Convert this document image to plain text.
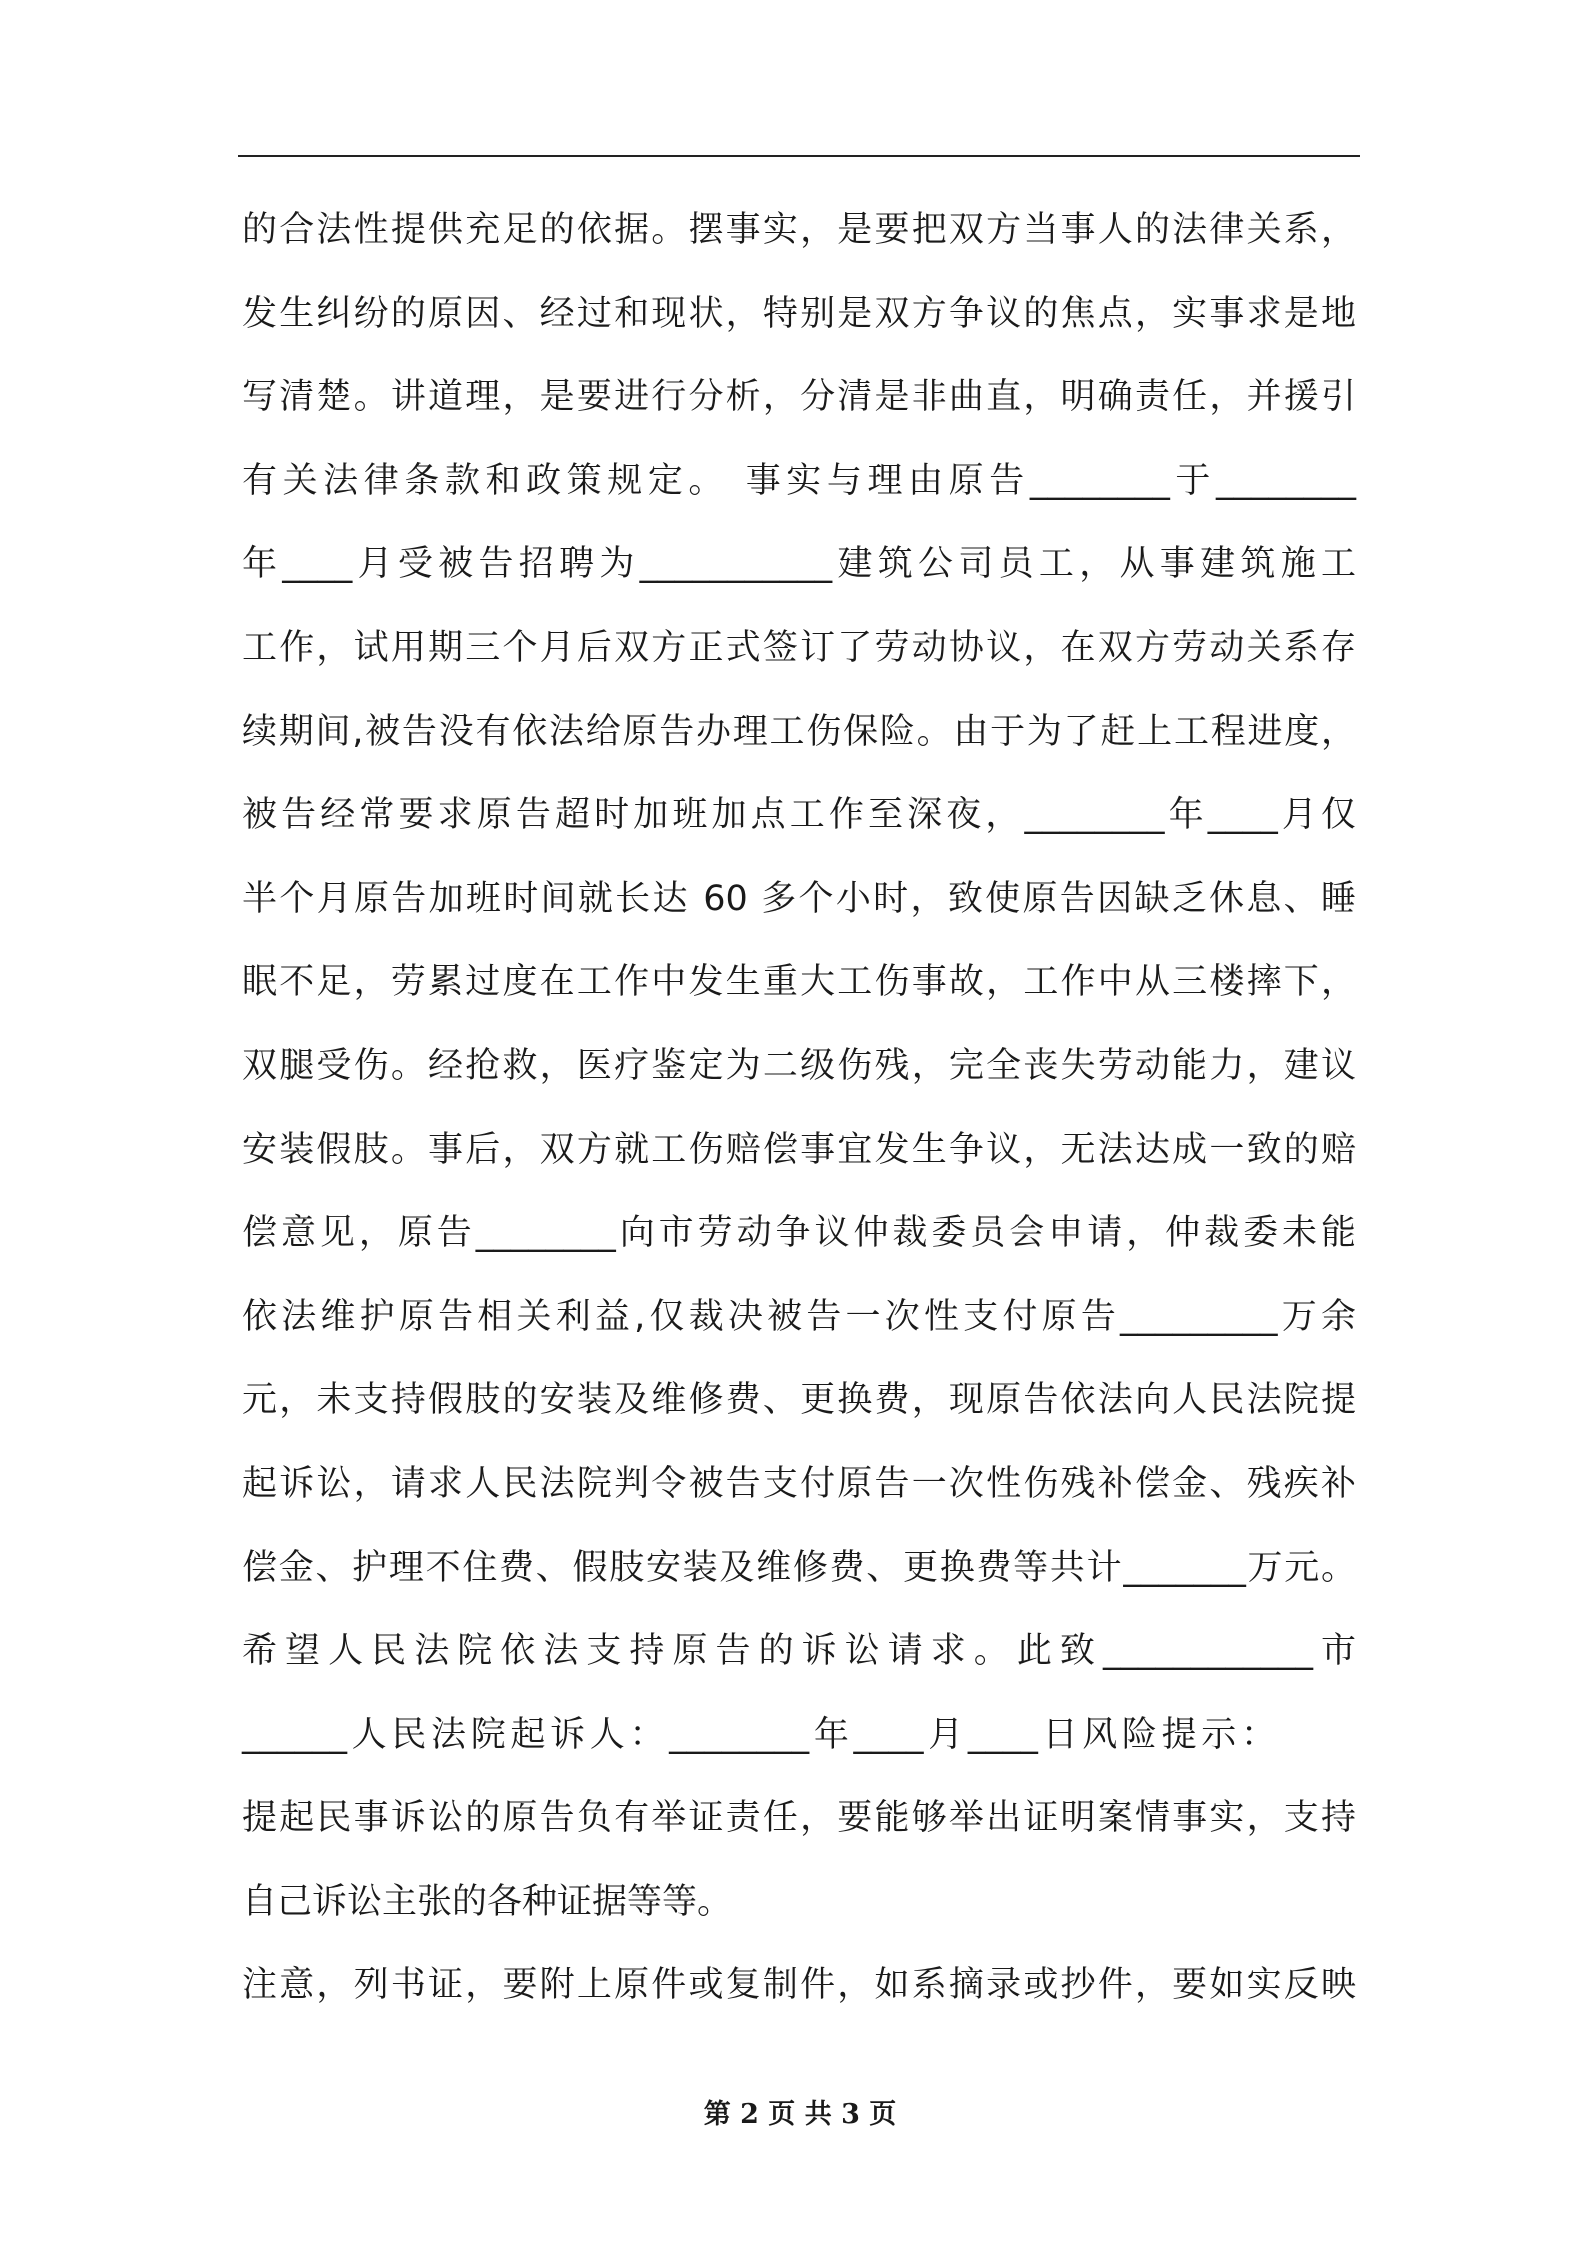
的合法性提供充足的依据。摆事实，是要把双方当事人的法律关系，
发生纠纷的原因、经过和现状，特别是双方争议的焦点，实事求是地
写清楚。讲道理，是要进行分析，分清是非曲直，明确责任，并援引
有关法律条款和政策规定。 事实与理由原告________于________
年____月受被告招聘为___________建筑公司员工，从事建筑施工
工作，试用期三个月后双方正式签订了劳动协议，在双方劳动关系存
续期间,被告没有依法给原告办理工伤保险。由于为了赶上工程进度，
被告经常要求原告超时加班加点工作至深夜，________年____月仅
半个月原告加班时间就长达 60 多个小时，致使原告因缺乏休息、睡
眠不足，劳累过度在工作中发生重大工伤事故，工作中从三楼摔下，
双腿受伤。经抢救，医疗鉴定为二级伤残，完全丧失劳动能力，建议
安装假肢。事后，双方就工伤赔偿事宜发生争议，无法达成一致的赔
偿意见，原告________向市劳动争议仲裁委员会申请，仲裁委未能
依法维护原告相关利益,仅裁决被告一次性支付原告_________万余
元，未支持假肢的安装及维修费、更换费，现原告依法向人民法院提
起诉讼，请求人民法院判令被告支付原告一次性伤残补偿金、残疾补
偿金、护理不住费、假肢安装及维修费、更换费等共计_______万元。
希望人民法院依法支持原告的诉讼请求。此致____________市
______人民法院起诉人：________年____月____日风险提示：
提起民事诉讼的原告负有举证责任，要能够举出证明案情事实，支持
自己诉讼主张的各种证据等等。
注意，列书证，要附上原件或复制件，如系摘录或抄件，要如实反映
第 2 页 共 3 页
